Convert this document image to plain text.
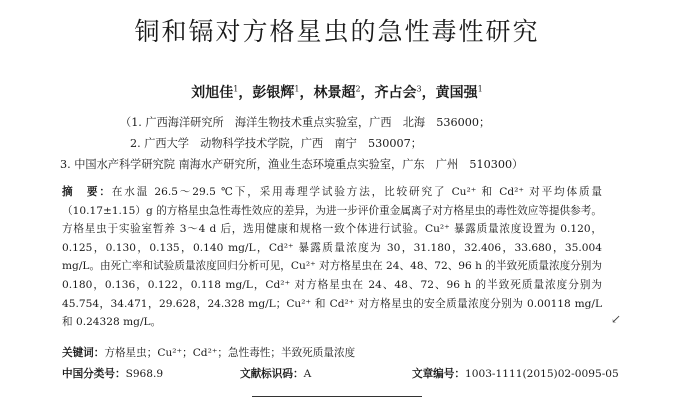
铜和镉对方格星虫的急性毒性研究
刘旭佳$^1$，彭银辉$^1$，林景超$^2$，齐占会$^3$，黄国强$^1$
（1. 广西海洋研究所　海洋生物技术重点实验室，广西　北海　536000；
2. 广西大学　动物科学技术学院，广西　南宁　530007；
3. 中国水产科学研究院 南海水产研究所，渔业生态环境重点实验室，广东　广州　510300）
摘　要：在水温 26.5～29.5 ℃下，采用毒理学试验方法，比较研究了 Cu²⁺ 和 Cd²⁺ 对平均体质量（10.17±1.15）g 的方格星虫急性毒性效应的差异，为进一步评价重金属离子对方格星虫的毒性效应等提供参考。方格星虫于实验室暂养 3～4 d 后，选用健康和规格一致个体进行试验。Cu²⁺ 暴露质量浓度设置为 0.120，0.125，0.130，0.135，0.140 mg/L，Cd²⁺ 暴露质量浓度为 30，31.180，32.406，33.680，35.004 mg/L。由死亡率和试验质量浓度回归分析可见，Cu²⁺ 对方格星虫在 24、48、72、96 h 的半致死质量浓度分别为 0.180，0.136，0.122，0.118 mg/L，Cd²⁺ 对方格星虫在 24、48、72、96 h 的半致死质量浓度分别为 45.754，34.471，29.628，24.328 mg/L；Cu²⁺ 和 Cd²⁺ 对方格星虫的安全质量浓度分别为 0.00118 mg/L 和 0.24328 mg/L。	↙
关键词：方格星虫；Cu²⁺；Cd²⁺；急性毒性；半致死质量浓度
中国分类号：S968.9	文献标识码：A	文章编号：1003-1111(2015)02-0095-05
